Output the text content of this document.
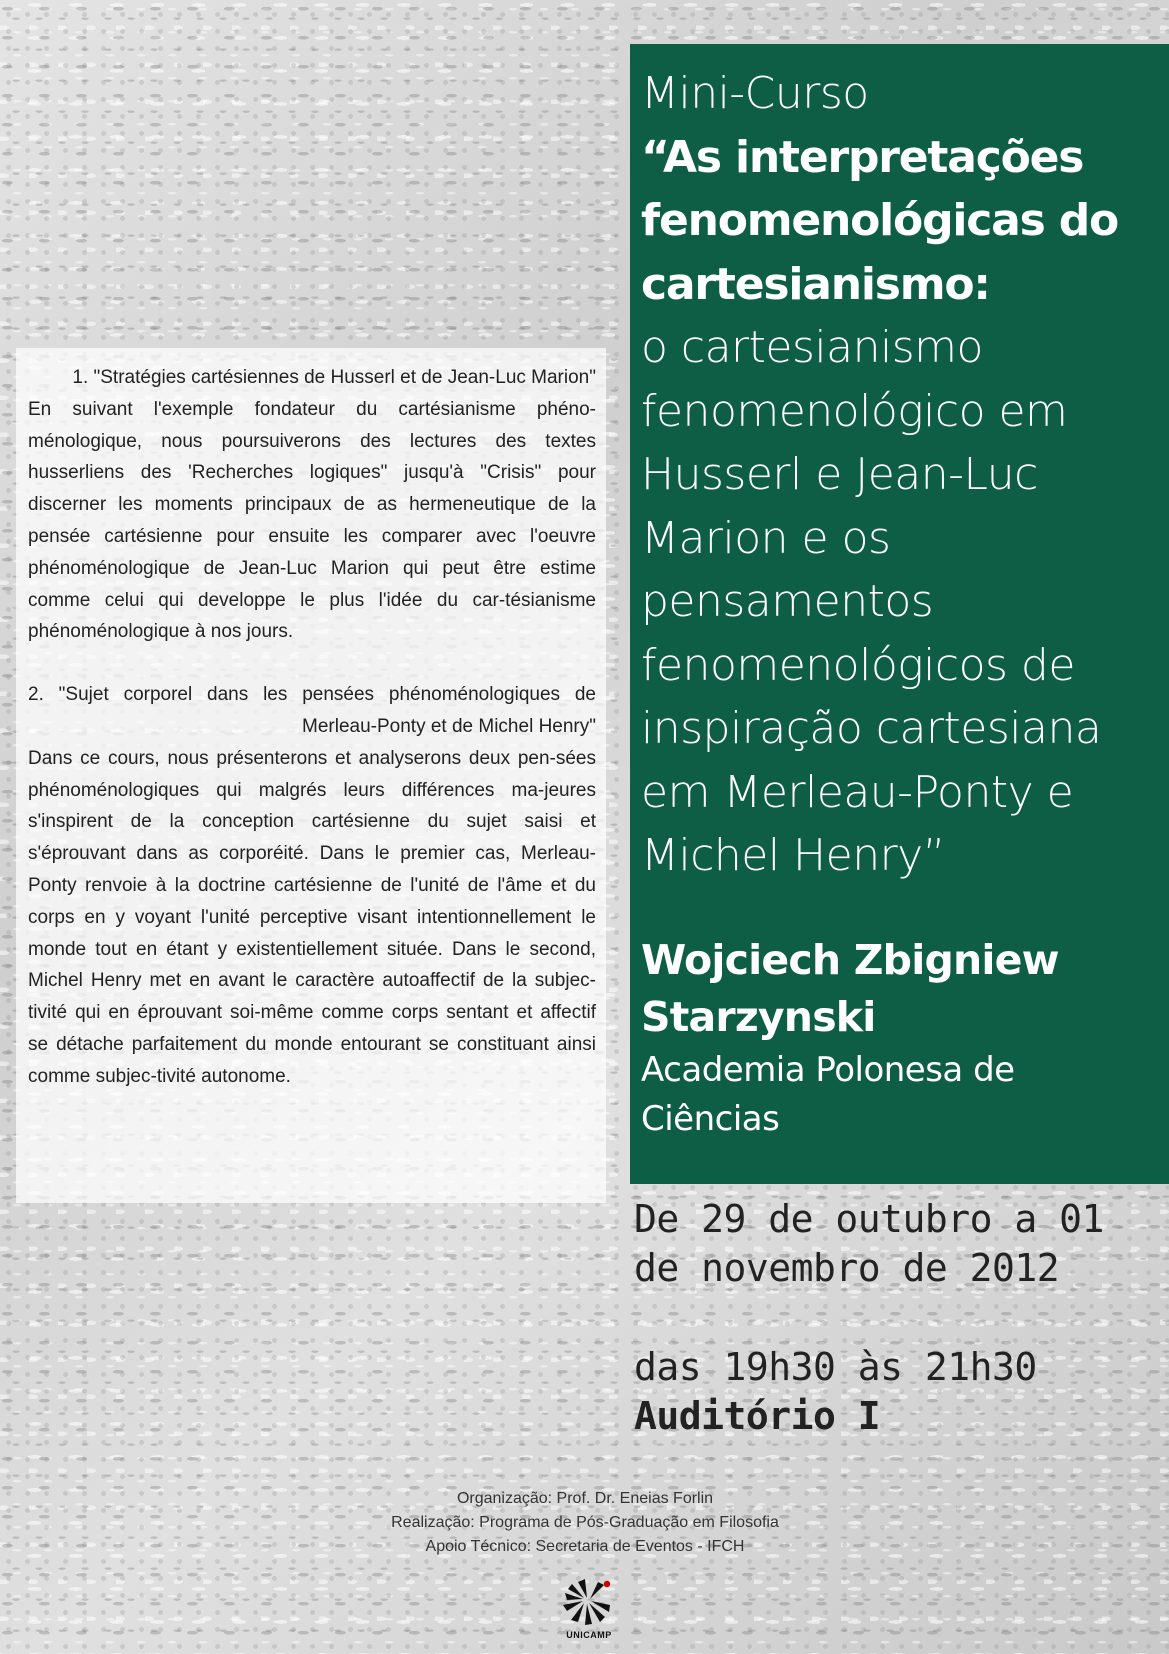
1. "Stratégies cartésiennes de Husserl et de Jean-Luc Marion"

En suivant l'exemple fondateur du cartésianisme phéno-ménologique, nous poursuiverons des lectures des textes husserliens des 'Recherches logiques" jusqu'à "Crisis" pour discerner les moments principaux de as hermeneutique de la pensée cartésienne pour ensuite les comparer avec l'oeuvre phénoménologique de Jean-Luc Marion qui peut être estime comme celui qui developpe le plus l'idée du car-tésianisme phénoménologique à nos jours.

2. "Sujet corporel dans les pensées phénoménologiques de Merleau-Ponty et de Michel Henry"

Dans ce cours, nous présenterons et analyserons deux pen-sées phénoménologiques qui malgrés leurs différences ma-jeures s'inspirent de la conception cartésienne du sujet saisi et s'éprouvant dans as corporéité. Dans le premier cas, Merleau-Ponty renvoie à la doctrine cartésienne de l'unité de l'âme et du corps en y voyant l'unité perceptive visant intentionnellement le monde tout en étant y existentiellement située. Dans le second, Michel Henry met en avant le caractère autoaffectif de la subjec-tivité qui en éprouvant soi-même comme corps sentant et affectif se détache parfaitement du monde entourant se constituant ainsi comme subjec-tivité autonome.

Mini-Curso
“As interpretações
fenomenológicas do
cartesianismo:
o cartesianismo
fenomenológico em
Husserl e Jean-Luc
Marion e os
pensamentos
fenomenológicos de
inspiração cartesiana
em Merleau-Ponty e
Michel Henry”
Wojciech Zbigniew
Starzynski
Academia Polonesa de
Ciências
De 29 de outubro a 01
de novembro de 2012
das 19h30 às 21h30
Auditório I
Organização: Prof. Dr. Eneias Forlin
Realização: Programa de Pós-Graduação em Filosofia
Apoio Técnico: Secretaria de Eventos - IFCH
UNICAMP
